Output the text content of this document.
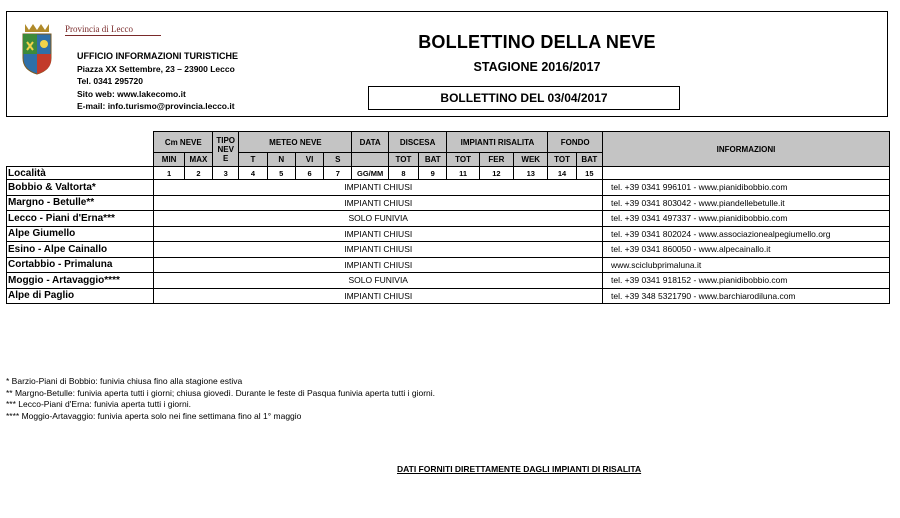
Provincia di Lecco
UFFICIO INFORMAZIONI TURISTICHE
Piazza XX Settembre, 23 – 23900 Lecco
Tel. 0341 295720
Sito web: www.lakecomo.it
E-mail: info.turismo@provincia.lecco.it
BOLLETTINO DELLA NEVE
STAGIONE 2016/2017
BOLLETTINO DEL 03/04/2017
	Cm NEVE		TIPO
NEV
E	METEO NEVE				DATA	DISCESA		IMPIANTI RISALITA			FONDO		INFORMAZIONI
	MIN	MAX		T	N	VI	S		TOT	BAT	TOT	FER	WEK	TOT	BAT	
Località	1	2	3	4	5	6	7	GG/MM	8	9	11	12	13	14	15	
Bobbio & Valtorta*	IMPIANTI CHIUSI															tel. +39 0341 996101 - www.pianidibobbio.com
Margno - Betulle**	IMPIANTI CHIUSI															tel. +39 0341 803042 - www.piandellebetulle.it
Lecco - Piani d'Erna***	SOLO FUNIVIA															tel. +39 0341 497337 - www.pianidibobbio.com
Alpe Giumello	IMPIANTI CHIUSI															tel. +39 0341 802024 - www.associazionealpegiumello.org
Esino - Alpe Cainallo	IMPIANTI CHIUSI															tel. +39 0341 860050 - www.alpecainallo.it
Cortabbio - Primaluna	IMPIANTI CHIUSI															www.sciclubprimaluna.it
Moggio - Artavaggio****	SOLO FUNIVIA															tel. +39 0341 918152 - www.pianidibobbio.com
Alpe di Paglio	IMPIANTI CHIUSI															tel. +39 348 5321790 - www.barchiarodiluna.com
* Barzio-Piani di Bobbio: funivia chiusa fino alla stagione estiva
** Margno-Betulle: funivia aperta tutti i giorni; chiusa giovedì. Durante le feste di Pasqua funivia aperta tutti i giorni.
*** Lecco-Piani d'Erna: funivia aperta tutti i giorni.
**** Moggio-Artavaggio: funivia aperta solo nei fine settimana fino al 1° maggio
DATI FORNITI DIRETTAMENTE DAGLI IMPIANTI DI RISALITA
